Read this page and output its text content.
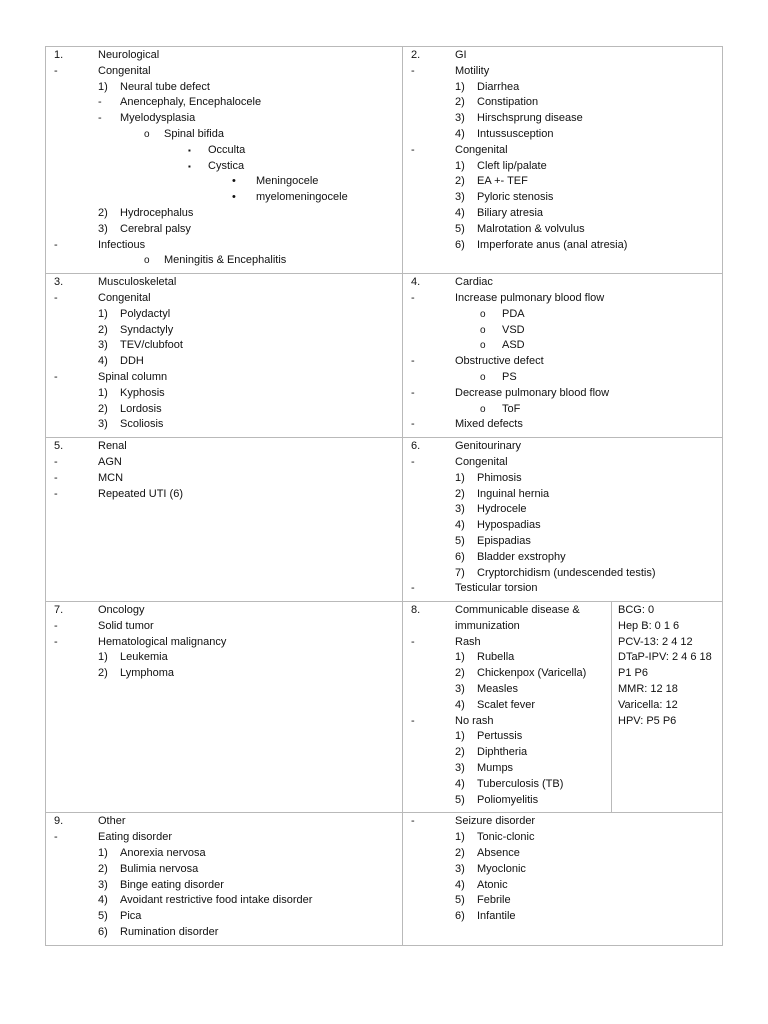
1.	Neurological
-	Congenital
1) Neural tube defect
- Anencephaly, Encephalocele
- Myelodysplasia
o Spinal bifida
▪ Occulta
▪ Cystica
• Meningocele
• myelomeningocele
2) Hydrocephalus
3) Cerebral palsy
-	Infectious
o Meningitis & Encephalitis

2.	GI
-	Motility
1) Diarrhea
2) Constipation
3) Hirschsprung disease
4) Intussusception
-	Congenital
1) Cleft lip/palate
2) EA +- TEF
3) Pyloric stenosis
4) Biliary atresia
5) Malrotation & volvulus
6) Imperforate anus (anal atresia)

3.	Musculoskeletal
-	Congenital
1) Polydactyl
2) Syndactyly
3) TEV/clubfoot
4) DDH
-	Spinal column
1) Kyphosis
2) Lordosis
3) Scoliosis

4.	Cardiac
-	Increase pulmonary blood flow
o PDA
o VSD
o ASD
-	Obstructive defect
o PS
-	Decrease pulmonary blood flow
o ToF
-	Mixed defects

5.	Renal
-	AGN
-	MCN
-	Repeated UTI (6)

6.	Genitourinary
-	Congenital
1) Phimosis
2) Inguinal hernia
3) Hydrocele
4) Hypospadias
5) Epispadias
6) Bladder exstrophy
7) Cryptorchidism (undescended testis)
-	Testicular torsion

7.	Oncology
-	Solid tumor
-	Hematological malignancy
1) Leukemia
2) Lymphoma

8.	Communicable disease &
immunization
-	Rash
1) Rubella
2) Chickenpox (Varicella)
3) Measles
4) Scalet fever
-	No rash
1) Pertussis
2) Diphtheria
3) Mumps
4) Tuberculosis (TB)
5) Poliomyelitis

BCG: 0
Hep B: 0 1 6
PCV-13: 2 4 12
DTaP-IPV: 2 4 6 18
P1 P6
MMR: 12 18
Varicella: 12
HPV: P5 P6

9.	Other
-	Eating disorder
1) Anorexia nervosa
2) Bulimia nervosa
3) Binge eating disorder
4) Avoidant restrictive food intake disorder
5) Pica
6) Rumination disorder

-	Seizure disorder
1) Tonic-clonic
2) Absence
3) Myoclonic
4) Atonic
5) Febrile
6) Infantile
